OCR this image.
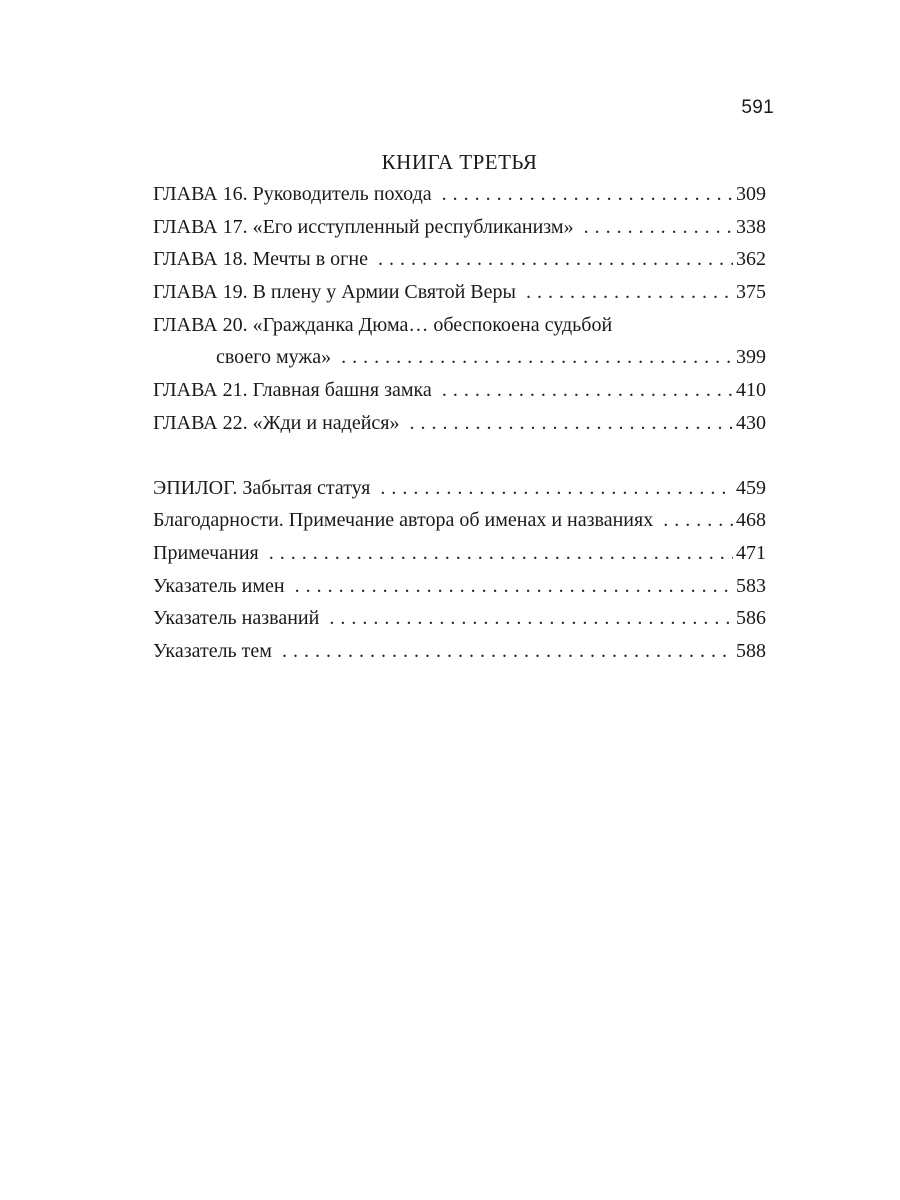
591
КНИГА ТРЕТЬЯ
ГЛАВА 16. Руководитель похода . . .	309
ГЛАВА 17. «Его исступленный республиканизм» . . .	338
ГЛАВА 18. Мечты в огне . . .	362
ГЛАВА 19. В плену у Армии Святой Веры . . .	375
ГЛАВА 20. «Гражданка Дюма… обеспокоена судьбой
своего мужа» . . .	399
ГЛАВА 21. Главная башня замка . . .	410
ГЛАВА 22. «Жди и надейся» . . .	430
ЭПИЛОГ. Забытая статуя . . .	459
Благодарности. Примечание автора об именах и названиях . . .	468
Примечания . . .	471
Указатель имен . . .	583
Указатель названий . . .	586
Указатель тем . . .	588
